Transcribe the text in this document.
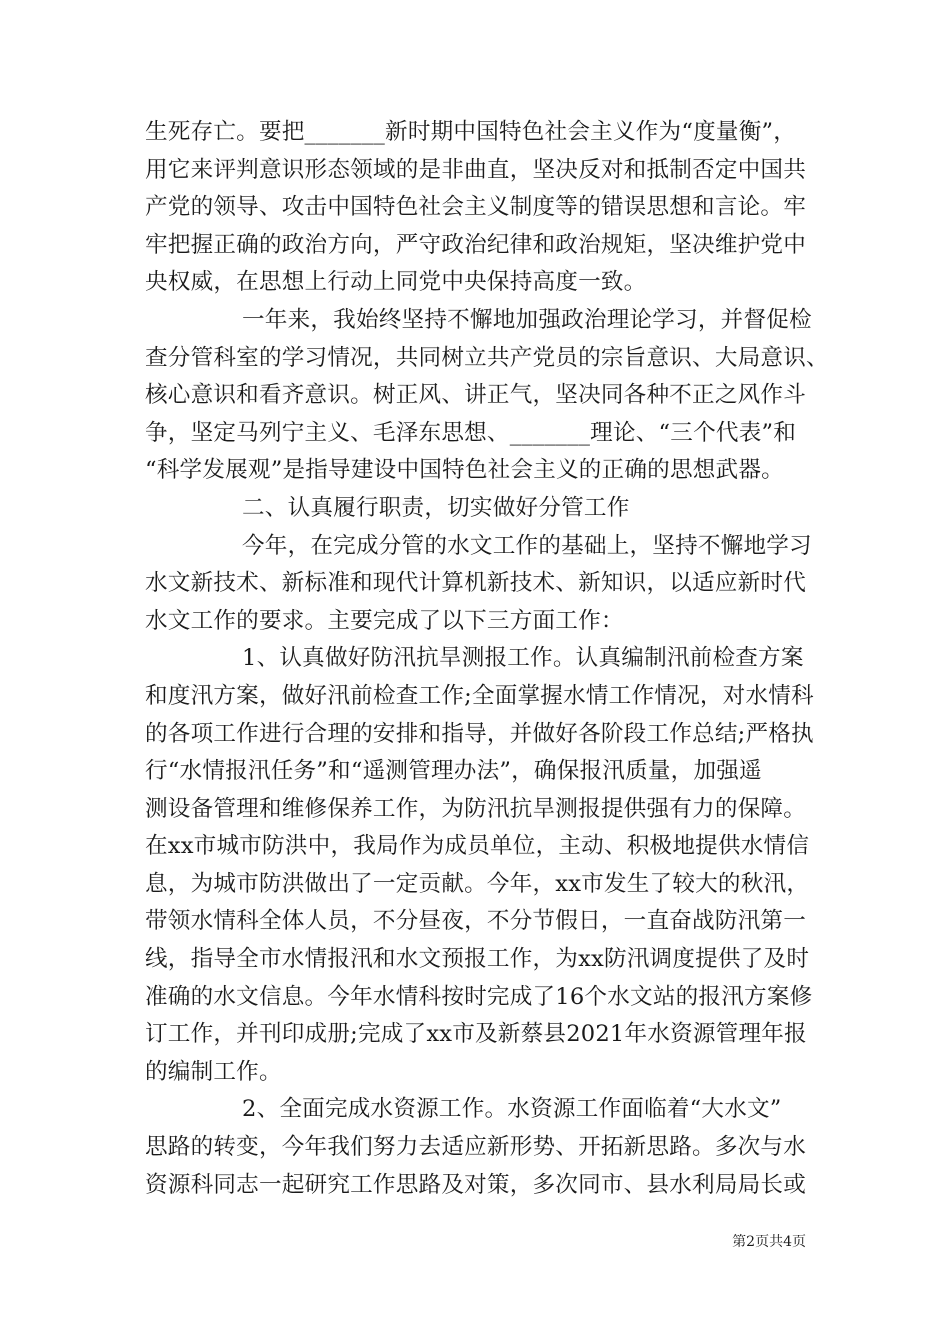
生死存亡。要把_______新时期中国特色社会主义作为“度量衡”，
用它来评判意识形态领域的是非曲直，坚决反对和抵制否定中国共
产党的领导、攻击中国特色社会主义制度等的错误思想和言论。牢
牢把握正确的政治方向，严守政治纪律和政治规矩，坚决维护党中
央权威，在思想上行动上同党中央保持高度一致。
一年来，我始终坚持不懈地加强政治理论学习，并督促检
查分管科室的学习情况，共同树立共产党员的宗旨意识、大局意识、
核心意识和看齐意识。树正风、讲正气，坚决同各种不正之风作斗
争，坚定马列宁主义、毛泽东思想、_______理论、“三个代表”和
“科学发展观”是指导建设中国特色社会主义的正确的思想武器。
二、认真履行职责，切实做好分管工作
今年，在完成分管的水文工作的基础上，坚持不懈地学习
水文新技术、新标准和现代计算机新技术、新知识，以适应新时代
水文工作的要求。主要完成了以下三方面工作：
1、认真做好防汛抗旱测报工作。认真编制汛前检查方案
和度汛方案，做好汛前检查工作;全面掌握水情工作情况，对水情科
的各项工作进行合理的安排和指导，并做好各阶段工作总结;严格执
行“水情报汛任务”和“遥测管理办法”，确保报汛质量，加强遥
测设备管理和维修保养工作，为防汛抗旱测报提供强有力的保障。
在xx市城市防洪中，我局作为成员单位，主动、积极地提供水情信
息，为城市防洪做出了一定贡献。今年，xx市发生了较大的秋汛，
带领水情科全体人员，不分昼夜，不分节假日，一直奋战防汛第一
线，指导全市水情报汛和水文预报工作，为xx防汛调度提供了及时
准确的水文信息。今年水情科按时完成了16个水文站的报汛方案修
订工作，并刊印成册;完成了xx市及新蔡县2021年水资源管理年报
的编制工作。
2、全面完成水资源工作。水资源工作面临着“大水文”
思路的转变，今年我们努力去适应新形势、开拓新思路。多次与水
资源科同志一起研究工作思路及对策，多次同市、县水利局局长或
第2页共4页
